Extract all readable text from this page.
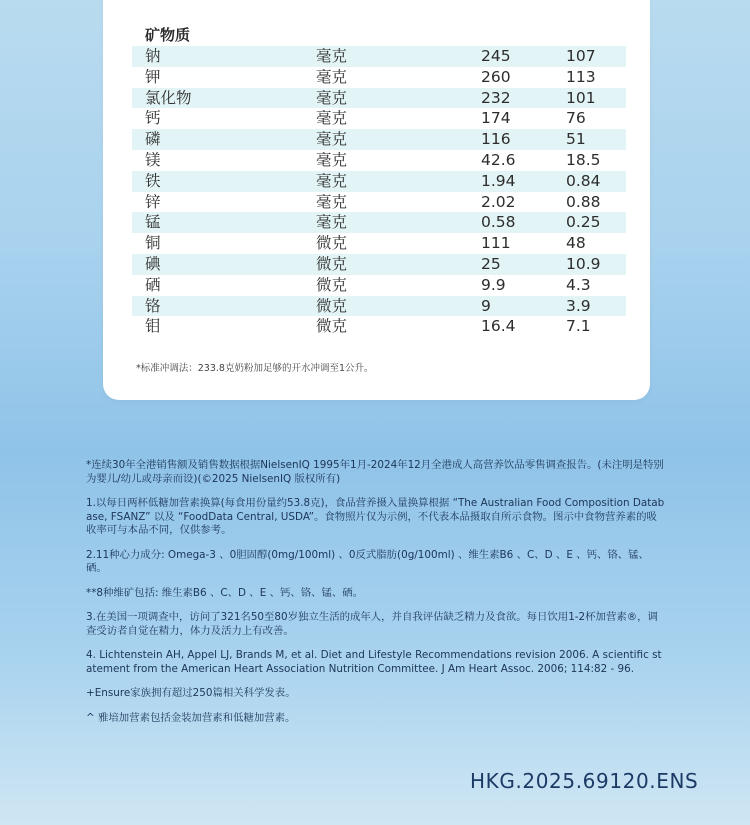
矿物质
钠	毫克	245	107
钾	毫克	260	113
氯化物	毫克	232	101
钙	毫克	174	76
磷	毫克	116	51
镁	毫克	42.6	18.5
铁	毫克	1.94	0.84
锌	毫克	2.02	0.88
锰	毫克	0.58	0.25
铜	微克	111	48
碘	微克	25	10.9
硒	微克	9.9	4.3
铬	微克	9	3.9
钼	微克	16.4	7.1
*标准冲调法：233.8克奶粉加足够的开水冲调至1公升。

*连续30年全港销售额及销售数据根据NielsenIQ 1995年1月-2024年12月全港成人高营养饮品零售调查报告。(未注明是特别为婴儿/幼儿或母亲而设)(©2025 NielsenIQ 版权所有)

1.以每日两杯低糖加营素换算(每食用份量约53.8克)，食品营养摄入量换算根据 “The Australian Food Composition Database, FSANZ” 以及 “FoodData Central, USDA”。食物照片仅为示例，不代表本品摄取自所示食物。图示中食物营养素的吸收率可与本品不同，仅供参考。

2.11种心力成分: Omega-3 、0胆固醇(0mg/100ml) 、0反式脂肪(0g/100ml) 、维生素B6 、C、D 、E 、钙、铬、锰、硒。

**8种维矿包括: 维生素B6 、C、D 、E 、钙、铬、锰、硒。

3.在美国一项调查中，访问了321名50至80岁独立生活的成年人，并自我评估缺乏精力及食欲。每日饮用1-2杯加营素®，调查受访者自觉在精力，体力及活力上有改善。

4. Lichtenstein AH, Appel LJ, Brands M, et al. Diet and Lifestyle Recommendations revision 2006. A scientific statement from the American Heart Association Nutrition Committee. J Am Heart Assoc. 2006; 114:82 - 96.

+Ensure家族拥有超过250篇相关科学发表。

^ 雅培加营素包括金装加营素和低糖加营素。

HKG.2025.69120.ENS
